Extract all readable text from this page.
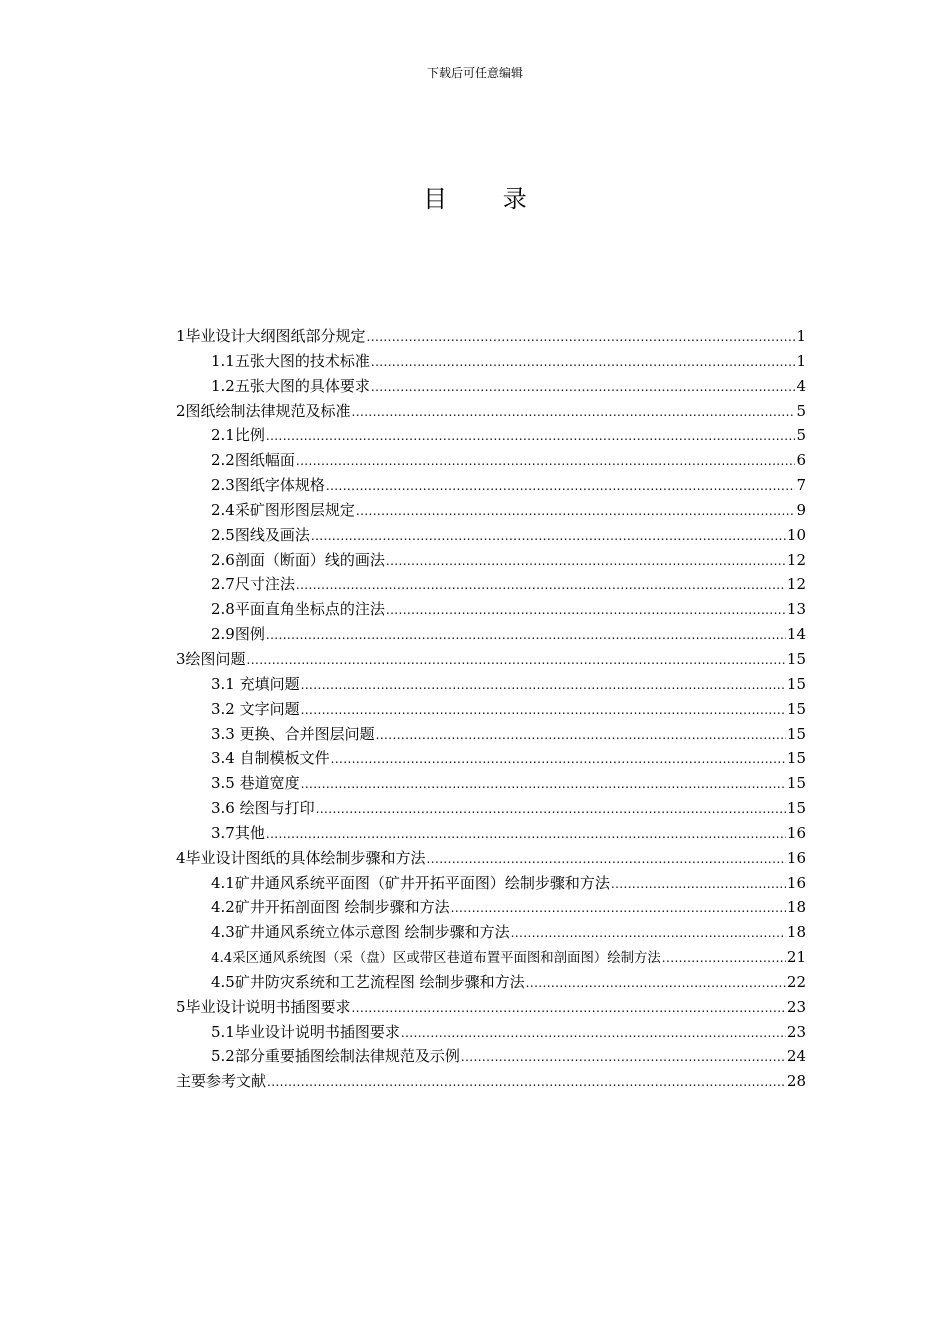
下载后可任意编辑
目 录
1毕业设计大纲图纸部分规定 .....	1
1.1五张大图的技术标准 .....	1
1.2五张大图的具体要求 .....	4
2图纸绘制法律规范及标准 .....	5
2.1比例 .....	5
2.2图纸幅面 .....	6
2.3图纸字体规格 .....	7
2.4采矿图形图层规定 .....	9
2.5图线及画法 .....	10
2.6剖面（断面）线的画法 .....	12
2.7尺寸注法 .....	12
2.8平面直角坐标点的注法 .....	13
2.9图例 .....	14
3绘图问题 .....	15
3.1 充填问题 .....	15
3.2 文字问题 .....	15
3.3 更换、合并图层问题 .....	15
3.4 自制模板文件 .....	15
3.5 巷道宽度 .....	15
3.6 绘图与打印 .....	15
3.7其他 .....	16
4毕业设计图纸的具体绘制步骤和方法 .....	16
4.1矿井通风系统平面图（矿井开拓平面图）绘制步骤和方法 .....	16
4.2矿井开拓剖面图 绘制步骤和方法 .....	18
4.3矿井通风系统立体示意图 绘制步骤和方法 .....	18
4.4采区通风系统图（采（盘）区或带区巷道布置平面图和剖面图）绘制方法 .....	21
4.5矿井防灾系统和工艺流程图 绘制步骤和方法 .....	22
5毕业设计说明书插图要求 .....	23
5.1毕业设计说明书插图要求 .....	23
5.2部分重要插图绘制法律规范及示例 .....	24
主要参考文献 .....	28
